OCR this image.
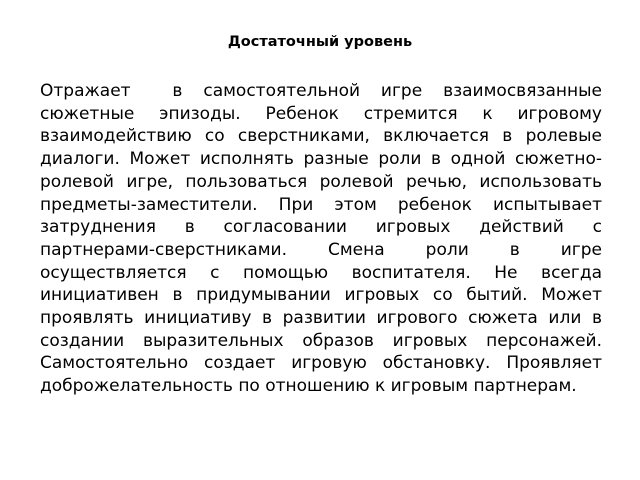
Достаточный уровень

Отражает  в самостоятельной игре взаимосвязанные сюжетные эпизоды. Ребенок стремится к игровому взаимодействию со сверстниками, включается в ролевые диалоги. Может исполнять разные роли в одной сюжетно-ролевой игре, пользоваться ролевой речью, использовать предметы-заместители. При этом ребенок испытывает затруднения в согласовании игровых действий с партнерами-сверстниками. Смена роли в игре осуществляется с помощью воспитателя. Не всегда инициативен в придумывании игровых со бытий. Может проявлять инициативу в развитии игрового сюжета или в создании выразительных образов игровых персонажей. Самостоятельно создает игровую обстановку. Проявляет доброжелательность по отношению к игровым партнерам.
